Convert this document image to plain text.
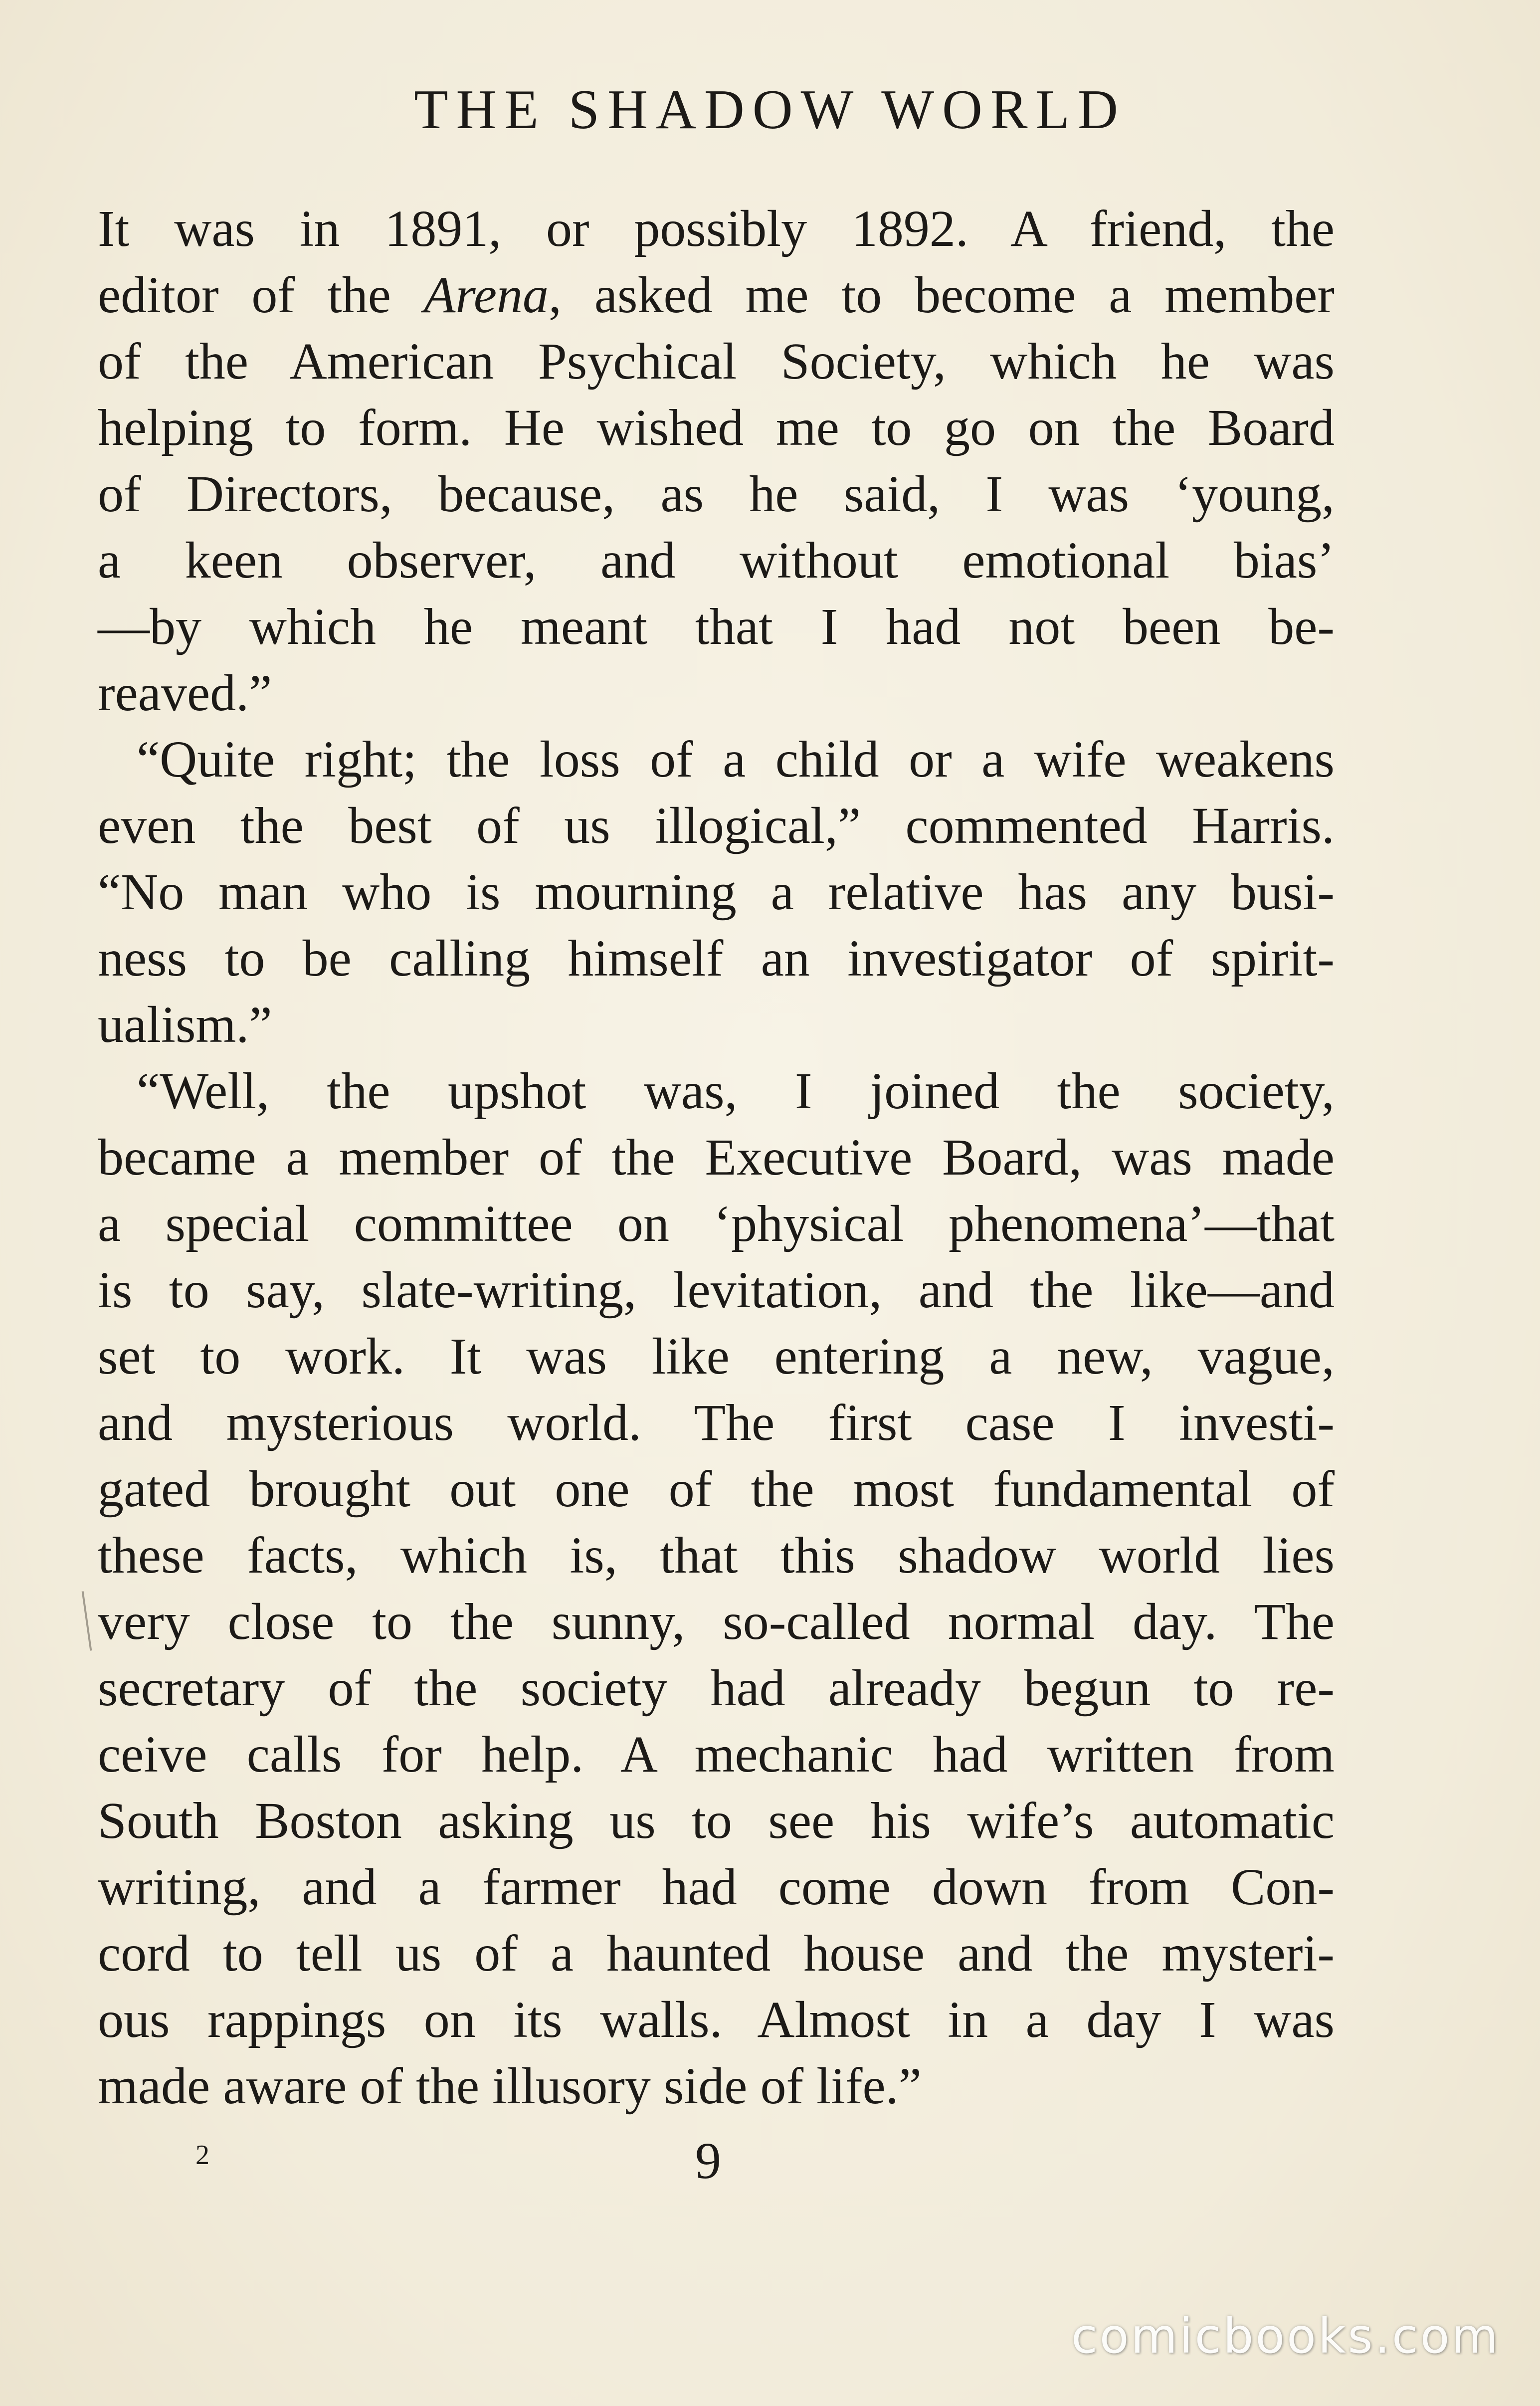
THE SHADOW WORLD
It was in 1891, or possibly 1892. A friend, the
editor of the Arena, asked me to become a member
of the American Psychical Society, which he was
helping to form. He wished me to go on the Board
of Directors, because, as he said, I was ‘young,
a keen observer, and without emotional bias’
—by which he meant that I had not been be-
reaved.”
“Quite right; the loss of a child or a wife weakens
even the best of us illogical,” commented Harris.
“No man who is mourning a relative has any busi-
ness to be calling himself an investigator of spirit-
ualism.”
“Well, the upshot was, I joined the society,
became a member of the Executive Board, was made
a special committee on ‘physical phenomena’—that
is to say, slate-writing, levitation, and the like—and
set to work. It was like entering a new, vague,
and mysterious world. The first case I investi-
gated brought out one of the most fundamental of
these facts, which is, that this shadow world lies
very close to the sunny, so-called normal day. The
secretary of the society had already begun to re-
ceive calls for help. A mechanic had written from
South Boston asking us to see his wife’s automatic
writing, and a farmer had come down from Con-
cord to tell us of a haunted house and the mysteri-
ous rappings on its walls. Almost in a day I was
made aware of the illusory side of life.”
2	9
comicbooks.com
